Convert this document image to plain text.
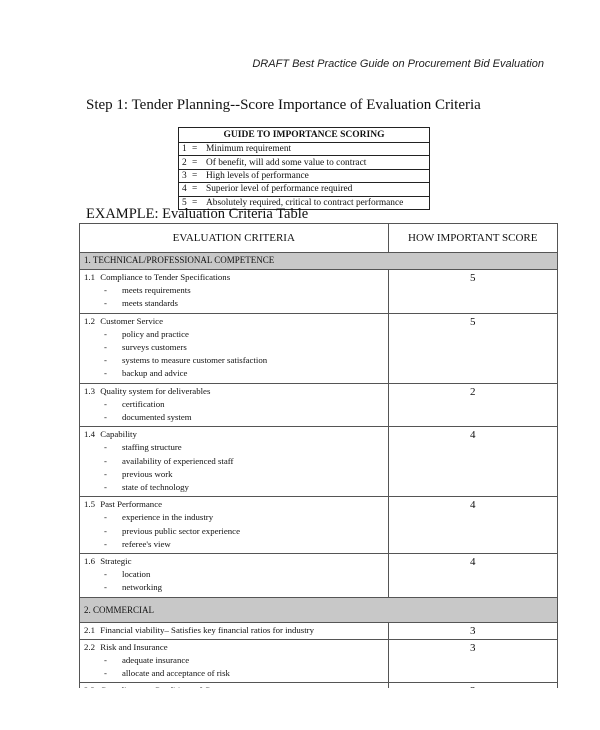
DRAFT Best Practice Guide on Procurement Bid Evaluation
Step 1: Tender Planning--Score Importance of Evaluation Criteria
GUIDE TO IMPORTANCE SCORING
1 = Minimum requirement
2 = Of benefit, will add some value to contract
3 = High levels of performance
4 = Superior level of performance required
5 = Absolutely required, critical to contract performance
EXAMPLE: Evaluation Criteria Table
EVALUATION CRITERIA	HOW IMPORTANT SCORE
1. TECHNICAL/PROFESSIONAL COMPETENCE	

1.1 Compliance to Tender Specifications
- meets requirements
- meets standards	5

1.2 Customer Service
- policy and practice
- surveys customers
- systems to measure customer satisfaction
- backup and advice	5

1.3 Quality system for deliverables
- certification
- documented system	2

1.4 Capability
- staffing structure
- availability of experienced staff
- previous work
- state of technology	4

1.5 Past Performance
- experience in the industry
- previous public sector experience
- referee's view	4

1.6 Strategic
- location
- networking	4
2. COMMERCIAL	

2.1 Financial viability– Satisfies key financial ratios for industry	3

2.2 Risk and Insurance
- adequate insurance
- allocate and acceptance of risk	3
